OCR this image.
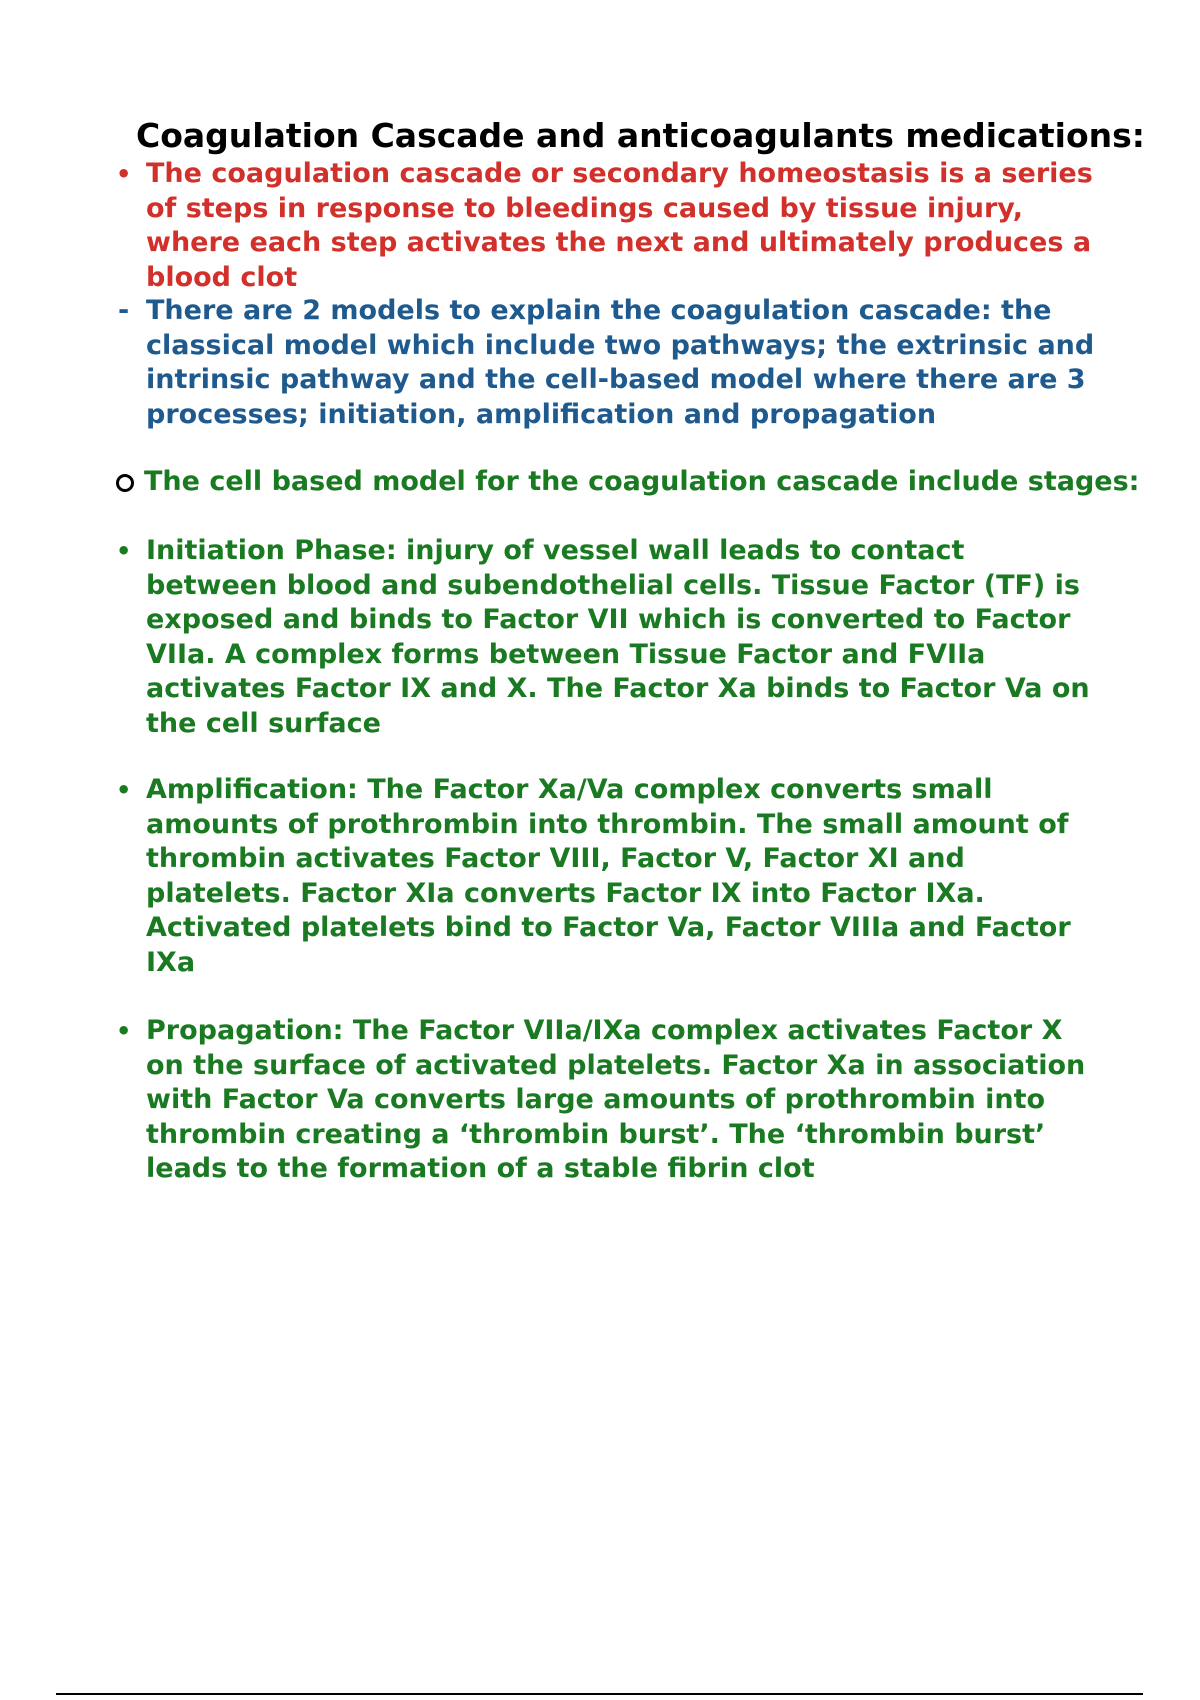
Coagulation Cascade and anticoagulants medications:
• The coagulation cascade or secondary homeostasis is a series of steps in response to bleedings caused by tissue injury, where each step activates the next and ultimately produces a blood clot
- There are 2 models to explain the coagulation cascade: the classical model which include two pathways; the extrinsic and intrinsic pathway and the cell-based model where there are 3 processes; initiation, amplification and propagation
The cell based model for the coagulation cascade include stages:
• Initiation Phase: injury of vessel wall leads to contact between blood and subendothelial cells. Tissue Factor (TF) is exposed and binds to Factor VII which is converted to Factor VIIa. A complex forms between Tissue Factor and FVIIa activates Factor IX and X. The Factor Xa binds to Factor Va on the cell surface
• Amplification: The Factor Xa/Va complex converts small amounts of prothrombin into thrombin. The small amount of thrombin activates Factor VIII, Factor V, Factor XI and platelets. Factor XIa converts Factor IX into Factor IXa. Activated platelets bind to Factor Va, Factor VIIIa and Factor IXa
• Propagation: The Factor VIIa/IXa complex activates Factor X on the surface of activated platelets. Factor Xa in association with Factor Va converts large amounts of prothrombin into thrombin creating a ‘thrombin burst’. The ‘thrombin burst’ leads to the formation of a stable fibrin clot
